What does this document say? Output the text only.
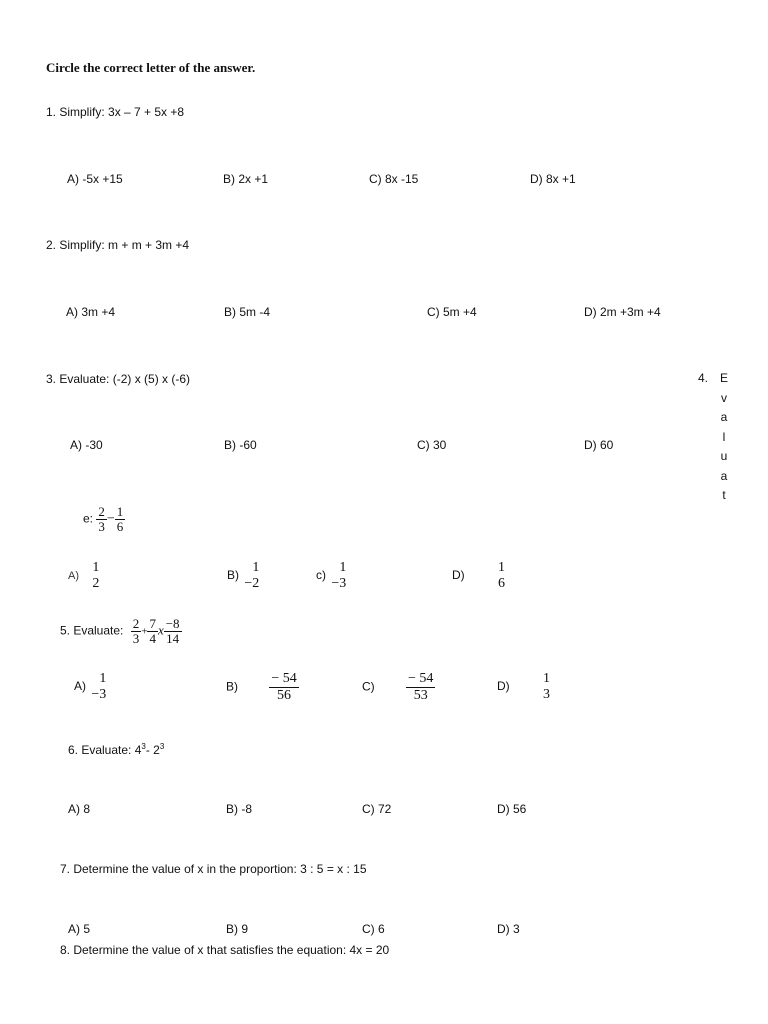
Circle the correct letter of the answer.
1. Simplify: 3x – 7 + 5x +8
A) -5x +15	B) 2x +1	C) 8x -15	D) 8x +1
2. Simplify: m + m + 3m +4
A) 3m +4	B) 5m -4	C) 5m +4	D) 2m +3m +4
3. Evaluate: (-2) x (5) x (-6)
A) -30	B) -60	C) 30	D) 60
4. E
v
a
l
u
a
t
e: $\frac{2}{3} - \frac{1}{6}$
A)
1
2
B)
1
−2
c)
1
−3
D)
1
6
5. Evaluate: $\frac{2}{3} + \frac{7}{4}$ x $\frac{-8}{14}$
A)
1
−3
$B) \frac{- 54}{56}$	$C) \frac{- 54}{53}$	D)
1
3
6. Evaluate: $4^3-$ $2^3$
A) 8	B) -8	C) 72	D) 56
7. Determine the value of x in the proportion: 3 : 5 = x : 15
A) 5	B) 9	C) 6	D) 3
8. Determine the value of x that satisfies the equation: 4x = 20
